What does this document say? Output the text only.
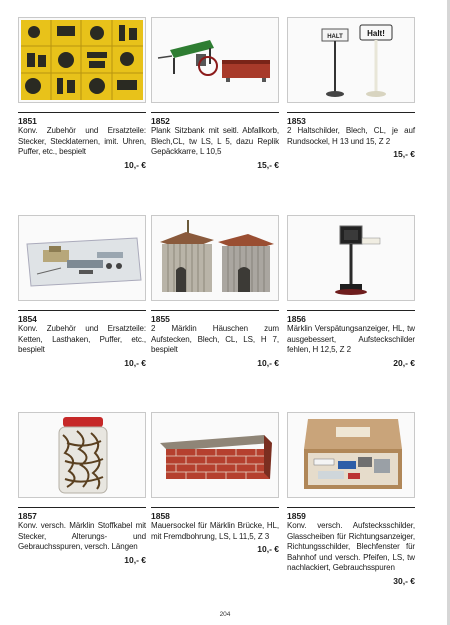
1851
Konv. Zubehör und Ersatzteile: Stecker, Stecklaternen, imit. Uhren, Puffer, etc., bespielt
10,- €
1852
Plank Sitzbank mit seitl. Abfallkorb, Blech,CL, tw LS, L 5, dazu Replik Gepäckkarre, L 10,5
15,- €
HALT	Halt!
1853
2 Haltschilder, Blech, CL, je auf Rundsockel, H 13 und 15, Z 2
15,- €
1854
Konv. Zubehör und Ersatzteile: Ketten, Lasthaken, Puffer, etc., bespielt
10,- €
1855
2 Märklin Häuschen zum Aufstecken, Blech, CL, LS, H 7, bespielt
10,- €
1856
Märklin Verspätungsanzeiger, HL, tw ausgebessert, Aufsteckschilder fehlen, H 12,5, Z 2
20,- €
1857
Konv. versch. Märklin Stoffkabel mit Stecker, Alterungs- und Gebrauchsspuren, versch. Längen
10,- €
1858
Mauersockel für Märklin Brücke, HL, mit Fremdbohrung, LS, L 11,5, Z 3
10,- €
1859
Konv. versch. Aufstecksschilder, Glasscheiben für Richtungsanzeiger, Richtungsschilder, Blechfenster für Bahnhof und versch. Pfeifen, LS, tw nachlackiert, Gebrauchsspuren
30,- €
204
